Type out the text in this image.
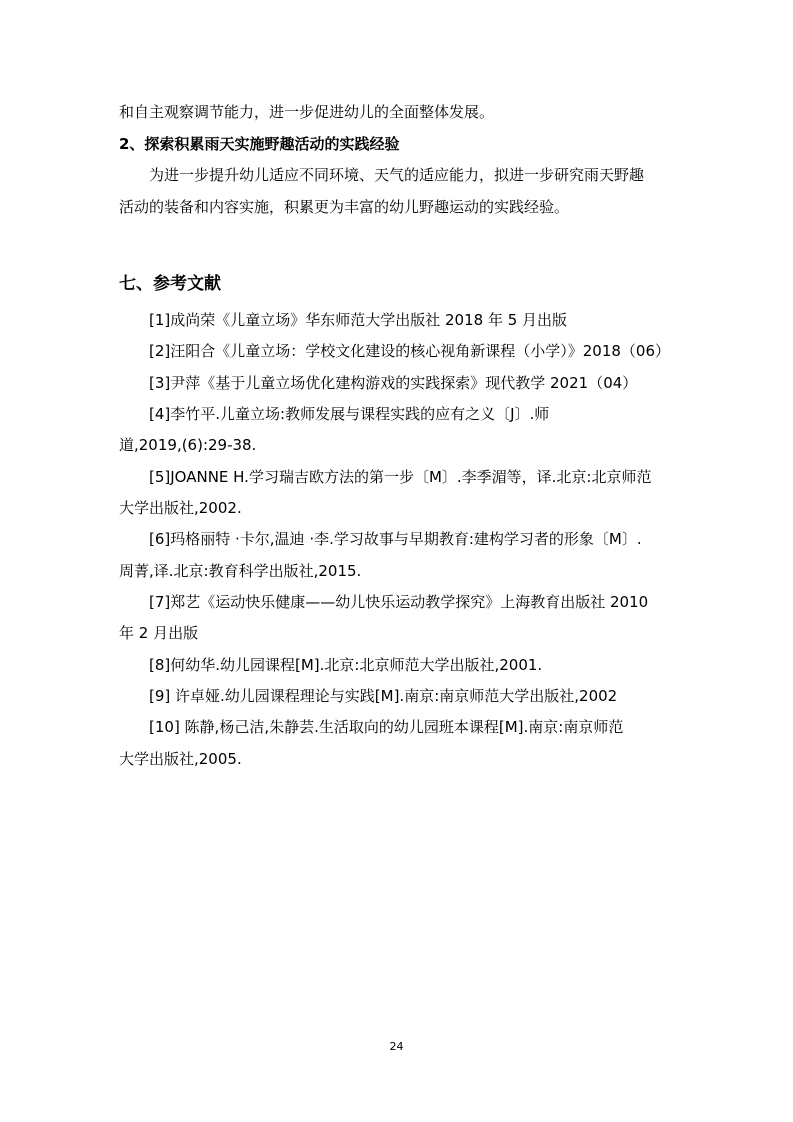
和自主观察调节能力，进一步促进幼儿的全面整体发展。
2、探索积累雨天实施野趣活动的实践经验
为进一步提升幼儿适应不同环境、天气的适应能力，拟进一步研究雨天野趣
活动的装备和内容实施，积累更为丰富的幼儿野趣运动的实践经验。
七、参考文献
[1]成尚荣《儿童立场》华东师范大学出版社 2018 年 5 月出版
[2]汪阳合《儿童立场：学校文化建设的核心视角新课程（小学）》2018（06）
[3]尹萍《基于儿童立场优化建构游戏的实践探索》现代教学 2021（04）
[4]李竹平.儿童立场:教师发展与课程实践的应有之义〔J〕.师
道,2019,(6):29-38.
[5]JOANNE H.学习瑞吉欧方法的第一步〔M〕.李季湄等，译.北京:北京师范
大学出版社,2002.
[6]玛格丽特 ·卡尔,温迪 ·李.学习故事与早期教育:建构学习者的形象〔M〕.
周菁,译.北京:教育科学出版社,2015.
[7]郑艺《运动快乐健康——幼儿快乐运动教学探究》上海教育出版社 2010
年 2 月出版
[8]何幼华.幼儿园课程[M].北京:北京师范大学出版社,2001.
[9] 许卓娅.幼儿园课程理论与实践[M].南京:南京师范大学出版社,2002
[10] 陈静,杨己洁,朱静芸.生活取向的幼儿园班本课程[M].南京:南京师范
大学出版社,2005.
24
